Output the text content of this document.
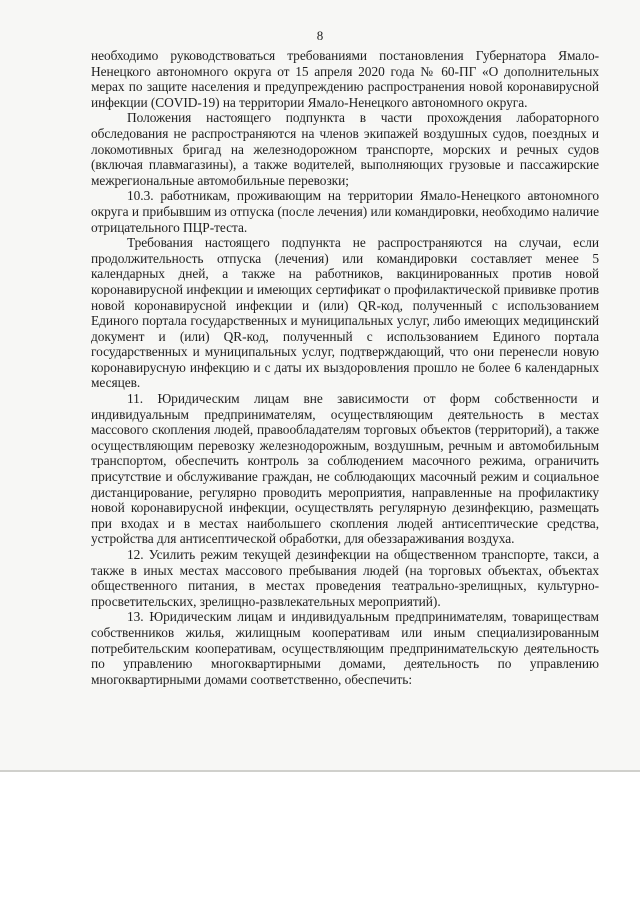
8

необходимо руководствоваться требованиями постановления Губернатора Ямало-Ненецкого автономного округа от 15 апреля 2020 года № 60-ПГ «О дополнительных мерах по защите населения и предупреждению распространения новой коронавирусной инфекции (COVID-19) на территории Ямало-Ненецкого автономного округа.

Положения настоящего подпункта в части прохождения лабораторного обследования не распространяются на членов экипажей воздушных судов, поездных и локомотивных бригад на железнодорожном транспорте, морских и речных судов (включая плавмагазины), а также водителей, выполняющих грузовые и пассажирские межрегиональные автомобильные перевозки;

10.3. работникам, проживающим на территории Ямало-Ненецкого автономного округа и прибывшим из отпуска (после лечения) или командировки, необходимо наличие отрицательного ПЦР-теста.

Требования настоящего подпункта не распространяются на случаи, если продолжительность отпуска (лечения) или командировки составляет менее 5 календарных дней, а также на работников, вакцинированных против новой коронавирусной инфекции и имеющих сертификат о профилактической прививке против новой коронавирусной инфекции и (или) QR-код, полученный с использованием Единого портала государственных и муниципальных услуг, либо имеющих медицинский документ и (или) QR-код, полученный с использованием Единого портала государственных и муниципальных услуг, подтверждающий, что они перенесли новую коронавирусную инфекцию и с даты их выздоровления прошло не более 6 календарных месяцев.

11. Юридическим лицам вне зависимости от форм собственности и индивидуальным предпринимателям, осуществляющим деятельность в местах массового скопления людей, правообладателям торговых объектов (территорий), а также осуществляющим перевозку железнодорожным, воздушным, речным и автомобильным транспортом, обеспечить контроль за соблюдением масочного режима, ограничить присутствие и обслуживание граждан, не соблюдающих масочный режим и социальное дистанцирование, регулярно проводить мероприятия, направленные на профилактику новой коронавирусной инфекции, осуществлять регулярную дезинфекцию, размещать при входах и в местах наибольшего скопления людей антисептические средства, устройства для антисептической обработки, для обеззараживания воздуха.

12. Усилить режим текущей дезинфекции на общественном транспорте, такси, а также в иных местах массового пребывания людей (на торговых объектах, объектах общественного питания, в местах проведения театрально-зрелищных, культурно-просветительских, зрелищно-развлекательных мероприятий).

13. Юридическим лицам и индивидуальным предпринимателям, товариществам собственников жилья, жилищным кооперативам или иным специализированным потребительским кооперативам, осуществляющим предпринимательскую деятельность по управлению многоквартирными домами, деятельность по управлению многоквартирными домами соответственно, обеспечить:
